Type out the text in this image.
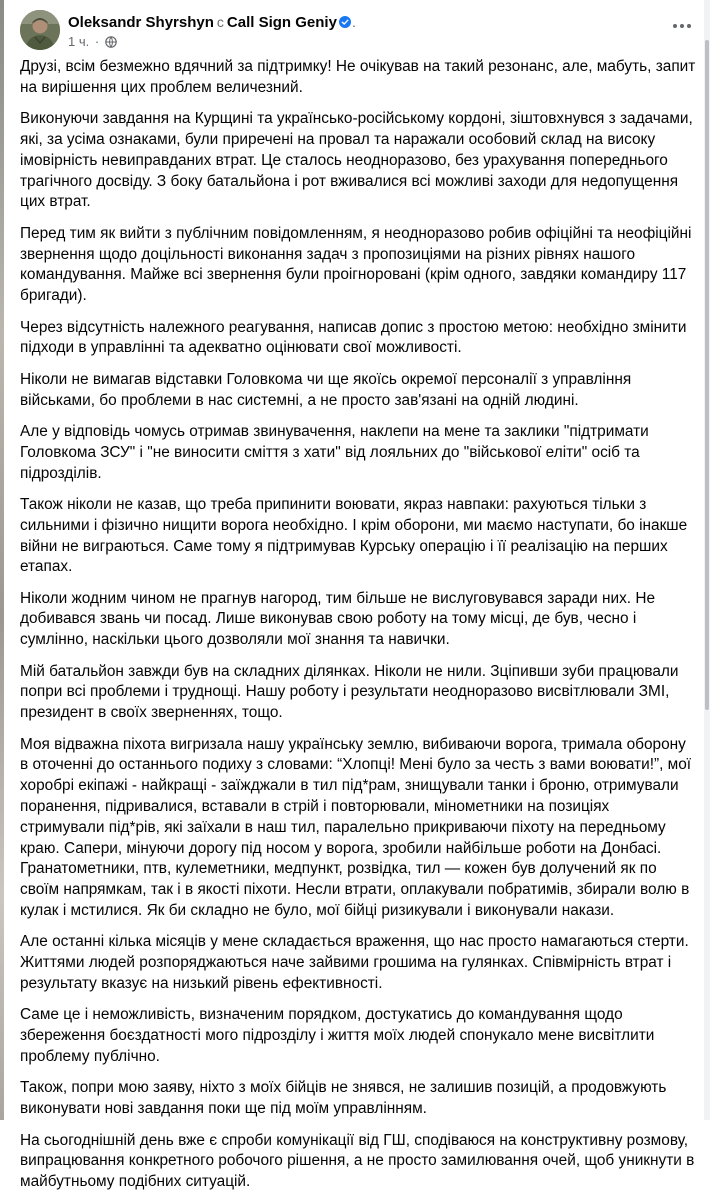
Oleksandr Shyrshyn с Call Sign Geniy .
1 ч. ·

Друзі, всім безмежно вдячний за підтримку! Не очікував на такий резонанс, але, мабуть, запит на вирішення цих проблем величезний.

Виконуючи завдання на Курщині та українсько-російському кордоні, зіштовхнувся з задачами, які, за усіма ознаками, були приречені на провал та наражали особовий склад на високу імовірність невиправданих втрат. Це сталось неодноразово, без урахування попереднього трагічного досвіду. З боку батальйона і рот вживалися всі можливі заходи для недопущення цих втрат.

Перед тим як вийти з публічним повідомленням, я неодноразово робив офіційні та неофіційні звернення щодо доцільності виконання задач з пропозиціями на різних рівнях нашого командування. Майже всі звернення були проігноровані (крім одного, завдяки командиру 117 бригади).

Через відсутність належного реагування, написав допис з простою метою: необхідно змінити підходи в управлінні та адекватно оцінювати свої можливості.

Ніколи не вимагав відставки Головкома чи ще якоїсь окремої персоналії з управління військами, бо проблеми в нас системні, а не просто зав'язані на одній людині.

Але у відповідь чомусь отримав звинувачення, наклепи на мене та заклики "підтримати Головкома ЗСУ" і "не виносити сміття з хати" від лояльних до "військової еліти" осіб та підрозділів.

Також ніколи не казав, що треба припинити воювати, якраз навпаки: рахуються тільки з сильними і фізично нищити ворога необхідно. І крім оборони, ми маємо наступати, бо інакше війни не виграються. Саме тому я підтримував Курську операцію і її реалізацію на перших етапах.

Ніколи жодним чином не прагнув нагород, тим більше не вислуговувався заради них. Не добивався звань чи посад. Лише виконував свою роботу на тому місці, де був, чесно і сумлінно, наскільки цього дозволяли мої знання та навички.

Мій батальйон завжди був на складних ділянках. Ніколи не нили. Зціпивши зуби працювали попри всі проблеми і труднощі. Нашу роботу і результати неодноразово висвітлювали ЗМІ, президент в своїх зверненнях, тощо.

Моя відважна піхота вигризала нашу українську землю, вибиваючи ворога, тримала оборону в оточенні до останнього подиху з словами: “Хлопці! Мені було за честь з вами воювати!”, мої хоробрі екіпажі - найкращі - заїжджали в тил під*рам, знищували танки і броню, отримували поранення, підривалися, вставали в стрій і повторювали, мінометники на позиціях стримували під*рів, які заїхали в наш тил, паралельно прикриваючи піхоту на передньому краю. Сапери, мінуючи дорогу під носом у ворога, зробили найбільше роботи на Донбасі. Гранатометники, птв, кулеметники, медпункт, розвідка, тил — кожен був долучений як по своїм напрямкам, так і в якості піхоти. Несли втрати, оплакували побратимів, збирали волю в кулак і мстилися. Як би складно не було, мої бійці ризикували і виконували накази.

Але останні кілька місяців у мене складається враження, що нас просто намагаються стерти. Життями людей розпоряджаються наче зайвими грошима на гулянках. Співмірність втрат і результату вказує на низький рівень ефективності.

Саме це і неможливість, визначеним порядком, достукатись до командування щодо збереження боєздатності мого підрозділу і життя моїх людей спонукало мене висвітлити проблему публічно.

Також, попри мою заяву, ніхто з моїх бійців не знявся, не залишив позицій, а продовжують виконувати нові завдання поки ще під моїм управлінням.

На сьогоднішній день вже є спроби комунікації від ГШ, сподіваюся на конструктивну розмову, випрацювання конкретного робочого рішення, а не просто замилювання очей, щоб уникнути в майбутньому подібних ситуацій.
